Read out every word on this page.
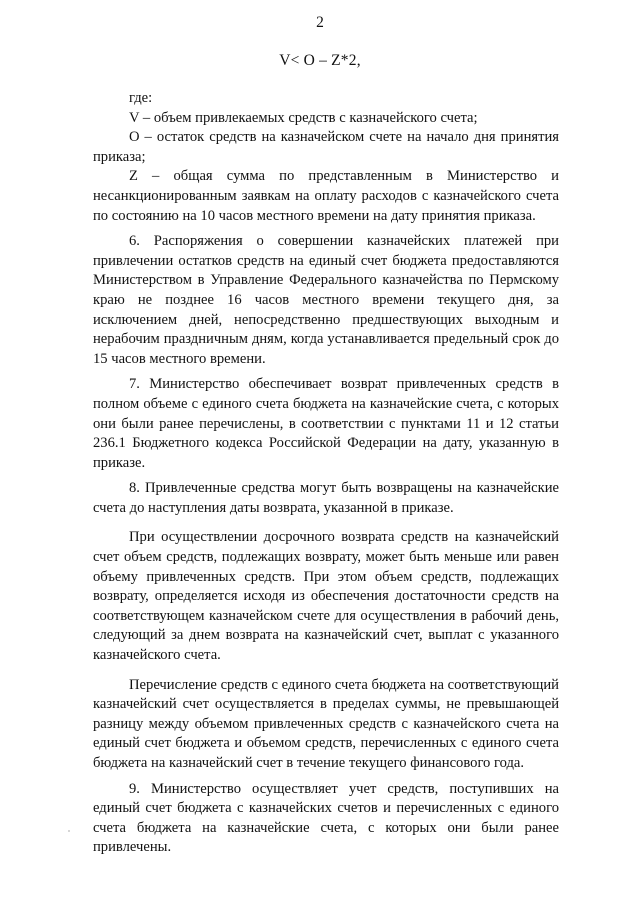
2
V< O – Z*2,

где:

V – объем привлекаемых средств с казначейского счета;

О – остаток средств на казначейском счете на начало дня принятия приказа;

Z – общая сумма по представленным в Министерство и несанкционированным заявкам на оплату расходов с казначейского счета по состоянию на 10 часов местного времени на дату принятия приказа.

6. Распоряжения о совершении казначейских платежей при привлечении остатков средств на единый счет бюджета предоставляются Министерством в Управление Федерального казначейства по Пермскому краю не позднее 16 часов местного времени текущего дня, за исключением дней, непосредственно предшествующих выходным и нерабочим праздничным дням, когда устанавливается предельный срок до 15 часов местного времени.

7. Министерство обеспечивает возврат привлеченных средств в полном объеме с единого счета бюджета на казначейские счета, с которых они были ранее перечислены, в соответствии с пунктами 11 и 12 статьи 236.1 Бюджетного кодекса Российской Федерации на дату, указанную в приказе.

8. Привлеченные средства могут быть возвращены на казначейские счета до наступления даты возврата, указанной в приказе.

При осуществлении досрочного возврата средств на казначейский счет объем средств, подлежащих возврату, может быть меньше или равен объему привлеченных средств. При этом объем средств, подлежащих возврату, определяется исходя из обеспечения достаточности средств на соответствующем казначейском счете для осуществления в рабочий день, следующий за днем возврата на казначейский счет, выплат с указанного казначейского счета.

Перечисление средств с единого счета бюджета на соответствующий казначейский счет осуществляется в пределах суммы, не превышающей разницу между объемом привлеченных средств с казначейского счета на единый счет бюджета и объемом средств, перечисленных с единого счета бюджета на казначейский счет в течение текущего финансового года.

9. Министерство осуществляет учет средств, поступивших на единый счет бюджета с казначейских счетов и перечисленных с единого счета бюджета на казначейские счета, с которых они были ранее привлечены.
